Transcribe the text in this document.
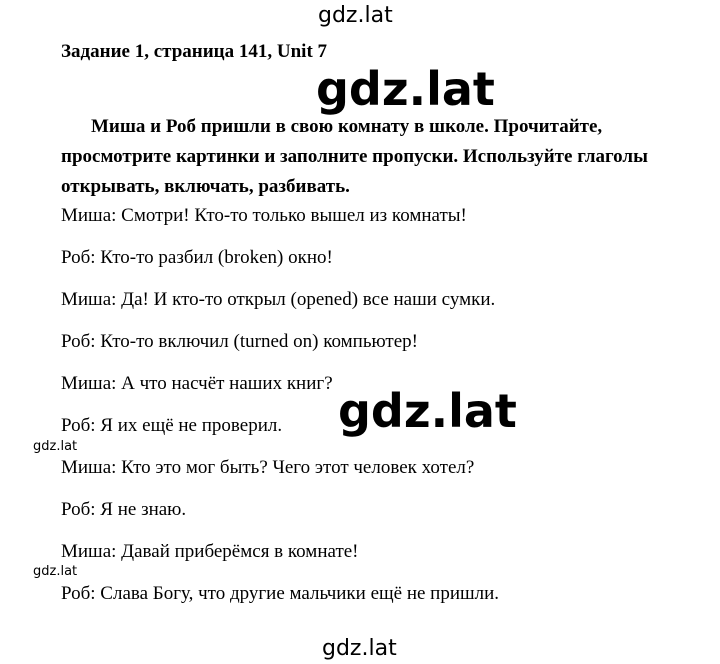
gdz.lat
Задание 1, страница 141, Unit 7
gdz.lat
Миша и Роб пришли в свою комнату в школе. Прочитайте, просмотрите картинки и заполните пропуски. Используйте глаголы открывать, включать, разбивать.
Миша: Смотри! Кто-то только вышел из комнаты!
Роб: Кто-то разбил (broken) окно!
Миша: Да! И кто-то открыл (opened) все наши сумки.
Роб: Кто-то включил (turned on) компьютер!
Миша: А что насчёт наших книг?
Роб: Я их ещё не проверил.
Миша: Кто это мог быть? Чего этот человек хотел?
Роб: Я не знаю.
Миша: Давай приберёмся в комнате!
Роб: Слава Богу, что другие мальчики ещё не пришли.
gdz.lat
gdz.lat
gdz.lat
gdz.lat
